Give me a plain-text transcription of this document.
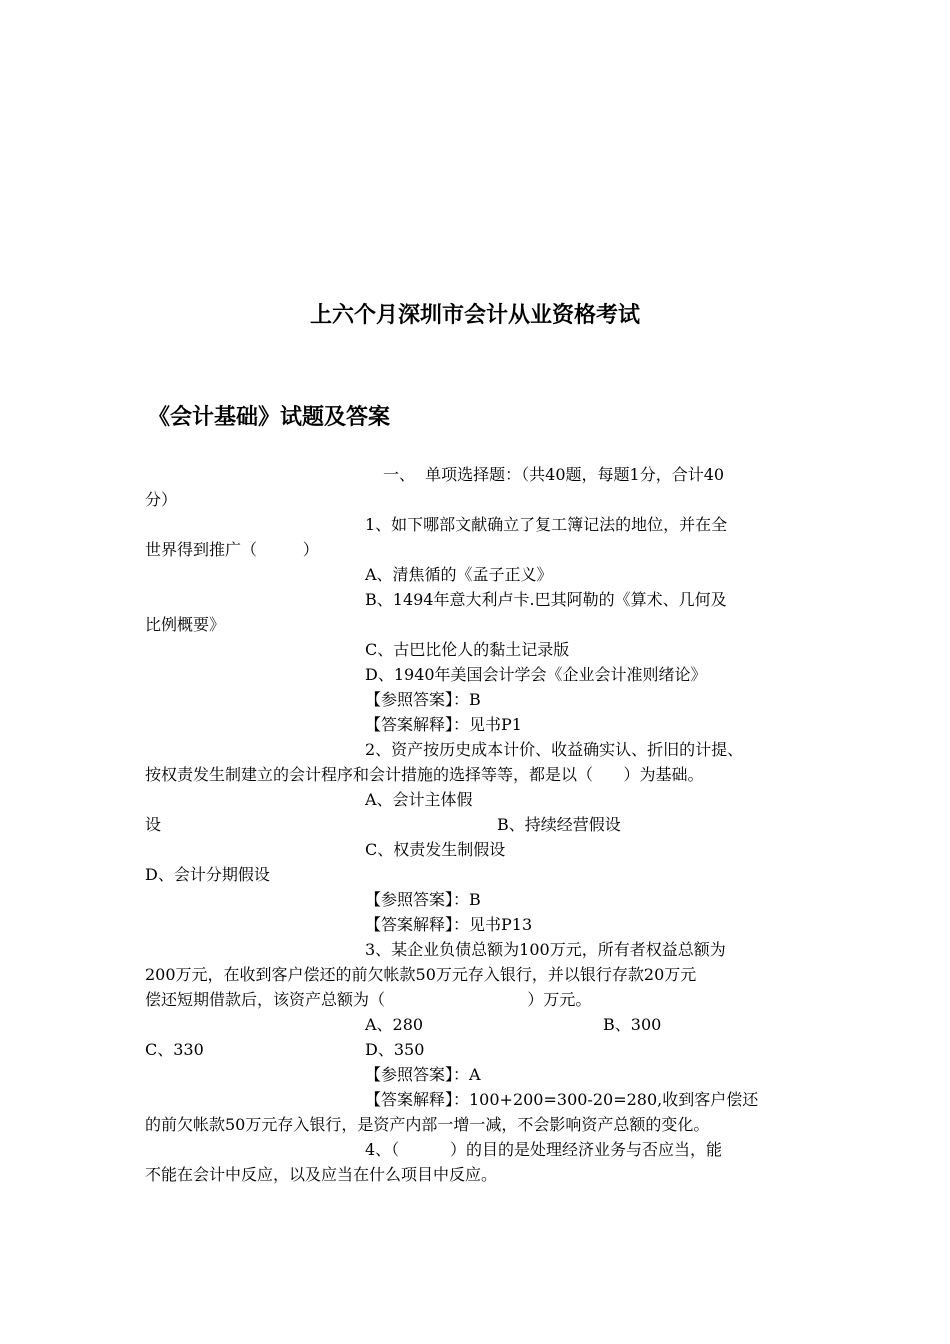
上六个月深圳市会计从业资格考试
《会计基础》试题及答案
一、  单项选择题：（共40题，每题1分，合计40
分）
1、如下哪部文献确立了复工簿记法的地位，并在全
世界得到推广（         ）
A、清焦循的《孟子正义》
B、1494年意大利卢卡.巴其阿勒的《算术、几何及
比例概要》
C、古巴比伦人的黏土记录版
D、1940年美国会计学会《企业会计准则绪论》
【参照答案】：B
【答案解释】：见书P1
2、资产按历史成本计价、收益确实认、折旧的计提、
按权责发生制建立的会计程序和会计措施的选择等等，都是以（      ）为基础。
A、会计主体假
设	B、持续经营假设
C、权责发生制假设
D、会计分期假设
【参照答案】：B
【答案解释】：见书P13
3、某企业负债总额为100万元，所有者权益总额为
200万元，在收到客户偿还的前欠帐款50万元存入银行，并以银行存款20万元
偿还短期借款后，该资产总额为（                            ）万元。
A、280	B、300
C、330	D、350
【参照答案】：A
【答案解释】：100+200=300-20=280,收到客户偿还
的前欠帐款50万元存入银行，是资产内部一增一减，不会影响资产总额的变化。
4、（          ）的目的是处理经济业务与否应当，能
不能在会计中反应，以及应当在什么项目中反应。
